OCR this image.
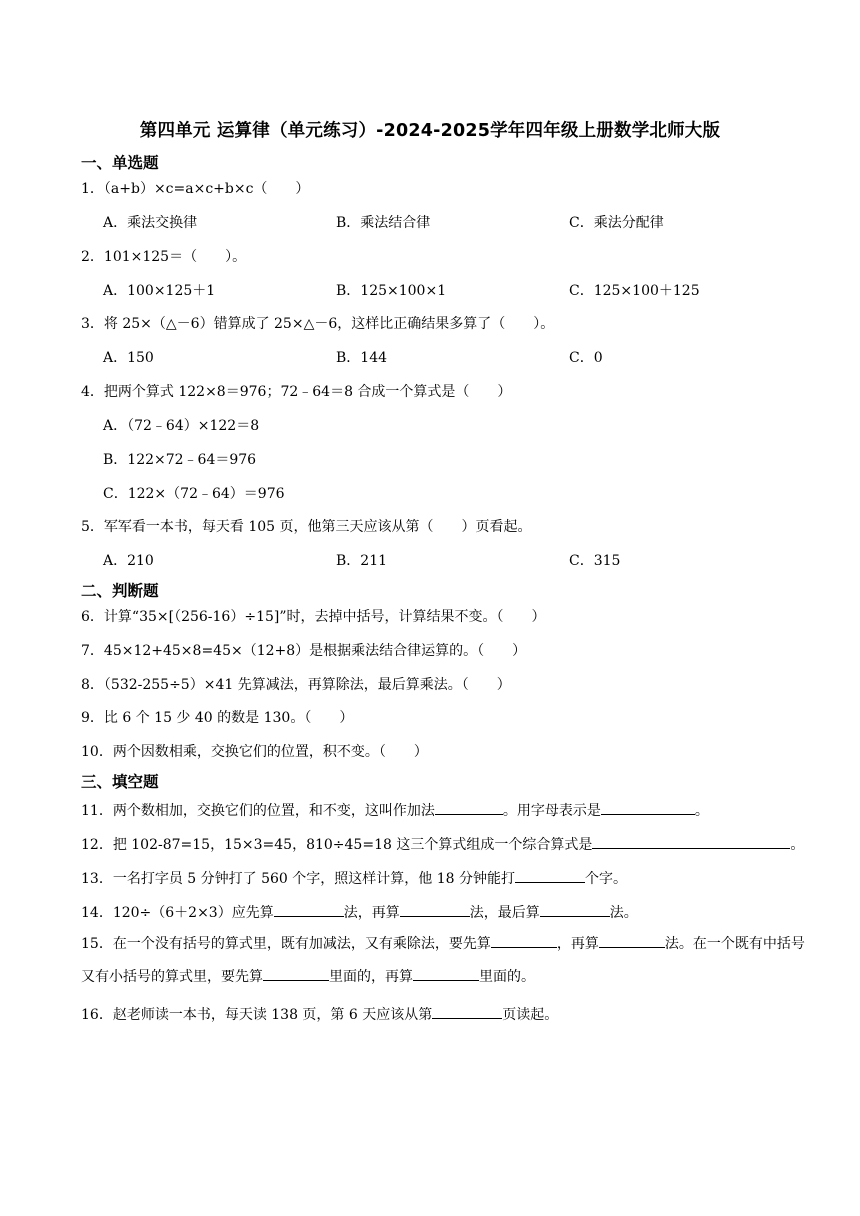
第四单元 运算律（单元练习）-2024-2025学年四年级上册数学北师大版
一、单选题
1．（a+b）×c=a×c+b×c（　　）
A．乘法交换律	B．乘法结合律	C．乘法分配律
2．101×125＝（　　）。
A．100×125＋1	B．125×100×1	C．125×100＋125
3．将 25×（△－6）错算成了 25×△－6，这样比正确结果多算了（　　）。
A．150	B．144	C．0
4．把两个算式 122×8＝976；72﹣64＝8 合成一个算式是（　　）
A．（72﹣64）×122＝8
B．122×72﹣64＝976
C．122×（72﹣64）＝976
5．军军看一本书，每天看 105 页，他第三天应该从第（　　）页看起。
A．210	B．211	C．315
二、判断题
6．计算“35×[（256-16）÷15]”时，去掉中括号，计算结果不变。（　　）
7．45×12+45×8=45×（12+8）是根据乘法结合律运算的。（　　）
8．（532-255÷5）×41 先算减法，再算除法，最后算乘法。（　　）
9．比 6 个 15 少 40 的数是 130。（　　）
10．两个因数相乘，交换它们的位置，积不变。（　　）
三、填空题
11．两个数相加，交换它们的位置，和不变，这叫作加法	。用字母表示是	。
12．把 102-87=15，15×3=45，810÷45=18 这三个算式组成一个综合算式是	。
13．一名打字员 5 分钟打了 560 个字，照这样计算，他 18 分钟能打	个字。
14．120÷（6＋2×3）应先算	法，再算	法，最后算	法。
15．在一个没有括号的算式里，既有加减法，又有乘除法，要先算	，再算	法。在一个既有中括号又有小括号的算式里，要先算	里面的，再算	里面的。
16．赵老师读一本书，每天读 138 页，第 6 天应该从第	页读起。
